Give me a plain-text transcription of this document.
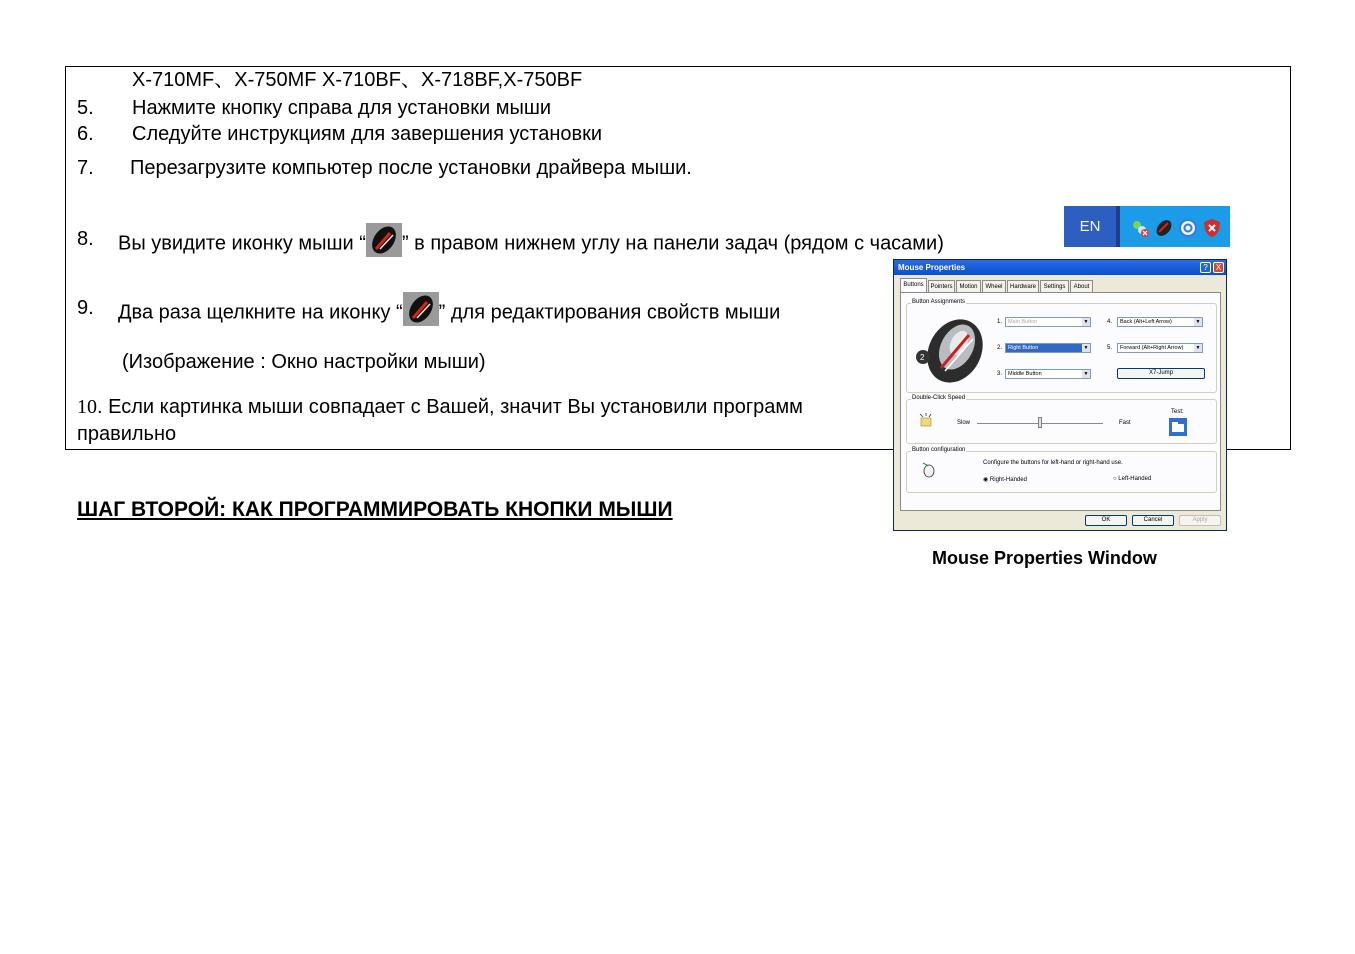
X-710MF、X-750MF X-710BF、X-718BF,X-750BF
5. Нажмите кнопку справа для установки мыши
6. Следуйте инструкциям для завершения установки
7. Перезагрузите компьютер после установки драйвера мыши.
8. Вы увидите иконку мыши “ ” в правом нижнем углу на панели задач (рядом с часами)
9. Два раза щелкните на иконку “ ” для редактирования свойств мыши
(Изображение : Окно настройки мыши)
10. Если картинка мыши совпадает с Вашей, значит Вы установили программ
правильно
ШАГ ВТОРОЙ: КАК ПРОГРАММИРОВАТЬ КНОПКИ МЫШИ
EN
Mouse Properties	?	X
Buttons	Pointers	Motion	Wheel	Hardware	Settings	About
Button Assignments
2
1.	Main Button	▼
2.	Right Button	▼
3.	Middle Button	▼
4.	Back (Alt+Left Arrow)	▼
5.	Forward (Alt+Right Arrow)	▼
X7-Jump
Double-Click Speed
Slow	Fast
Test:
Button configuration
Configure the buttons for left-hand or right-hand use.
◉ Right-Handed	○ Left-Handed
OK	Cancel	Apply
Mouse Properties Window
